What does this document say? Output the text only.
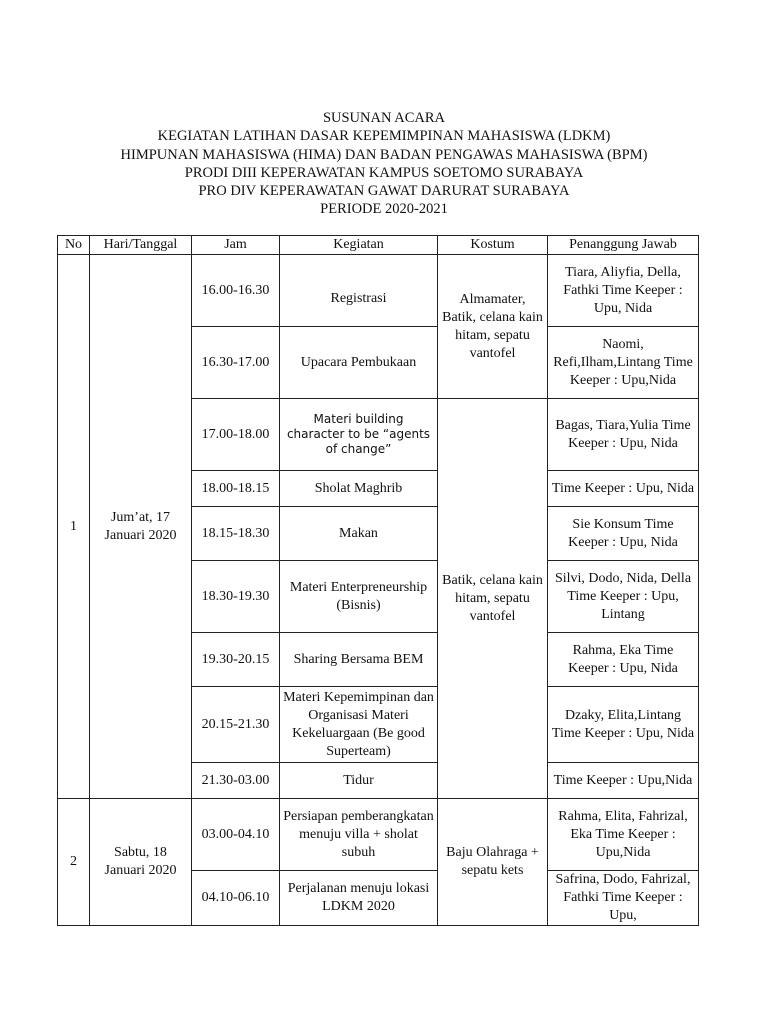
SUSUNAN ACARA
KEGIATAN LATIHAN DASAR KEPEMIMPINAN MAHASISWA (LDKM)
HIMPUNAN MAHASISWA (HIMA) DAN BADAN PENGAWAS MAHASISWA (BPM)
PRODI DIII KEPERAWATAN KAMPUS SOETOMO SURABAYA
PRO DIV KEPERAWATAN GAWAT DARURAT SURABAYA
PERIODE 2020-2021
No	Hari/Tanggal	Jam	Kegiatan	Kostum	Penanggung Jawab
1	Jum’at, 17 Januari 2020	16.00-16.30	Registrasi	Almamater, Batik, celana kain hitam, sepatu vantofel	Tiara, Aliyfia, Della, Fathki Time Keeper : Upu, Nida
		16.30-17.00	Upacara Pembukaan		Naomi, Refi,Ilham,Lintang Time Keeper : Upu,Nida
		17.00-18.00	Materi building character to be “agents of change”	Batik, celana kain hitam, sepatu vantofel	Bagas, Tiara,Yulia Time Keeper : Upu, Nida
		18.00-18.15	Sholat Maghrib		Time Keeper : Upu, Nida
		18.15-18.30	Makan		Sie Konsum Time Keeper : Upu, Nida
		18.30-19.30	Materi Enterpreneurship (Bisnis)		Silvi, Dodo, Nida, Della Time Keeper : Upu, Lintang
		19.30-20.15	Sharing Bersama BEM		Rahma, Eka Time Keeper : Upu, Nida
		20.15-21.30	Materi Kepemimpinan dan Organisasi Materi Kekeluargaan (Be good Superteam)		Dzaky, Elita,Lintang Time Keeper : Upu, Nida
		21.30-03.00	Tidur		Time Keeper : Upu,Nida
2	Sabtu, 18 Januari 2020	03.00-04.10	Persiapan pemberangkatan menuju villa + sholat subuh	Baju Olahraga + sepatu kets	Rahma, Elita, Fahrizal, Eka Time Keeper : Upu,Nida
		04.10-06.10	Perjalanan menuju lokasi LDKM 2020		Safrina, Dodo, Fahrizal, Fathki Time Keeper : Upu,
